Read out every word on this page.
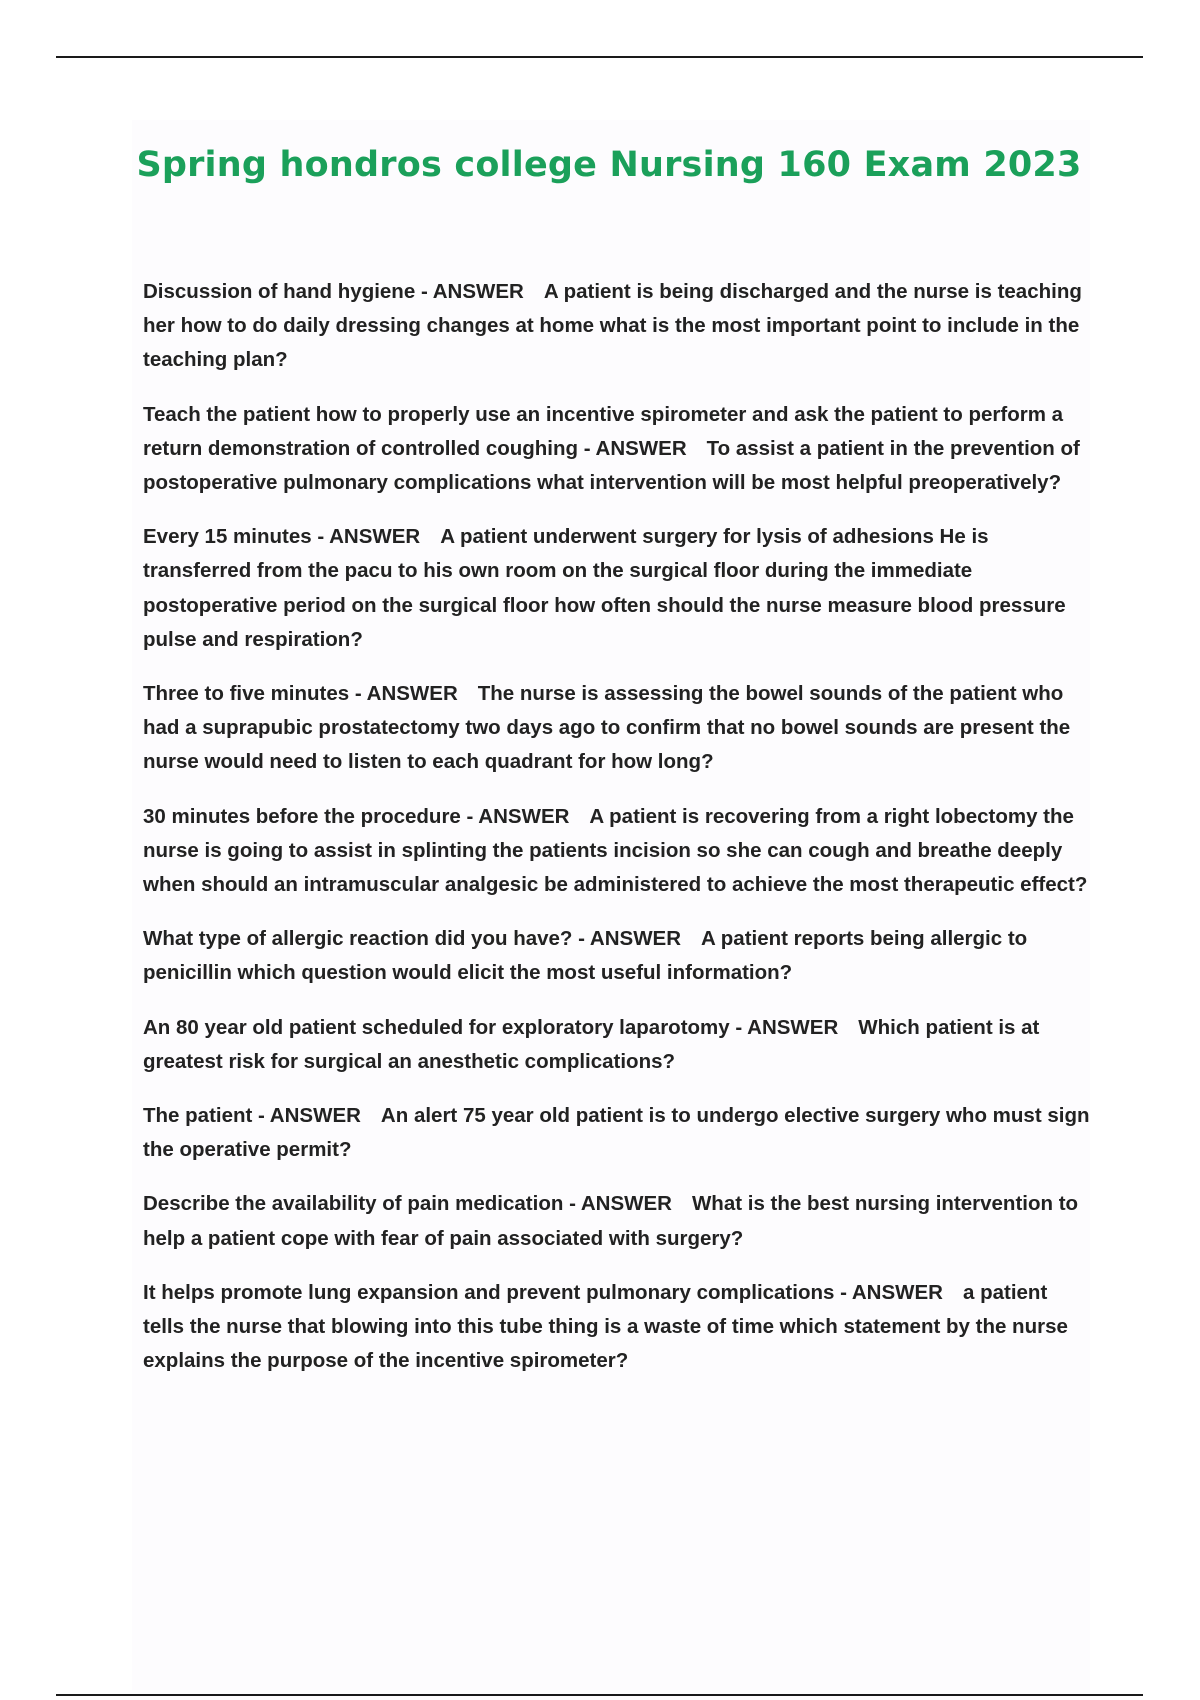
Spring hondros college Nursing 160 Exam 2023
Discussion of hand hygiene - ANSWER A patient is being discharged and the nurse is teaching her how to do daily dressing changes at home what is the most important point to include in the teaching plan?
Teach the patient how to properly use an incentive spirometer and ask the patient to perform a return demonstration of controlled coughing - ANSWER To assist a patient in the prevention of postoperative pulmonary complications what intervention will be most helpful preoperatively?
Every 15 minutes - ANSWER A patient underwent surgery for lysis of adhesions He is transferred from the pacu to his own room on the surgical floor during the immediate postoperative period on the surgical floor how often should the nurse measure blood pressure pulse and respiration?
Three to five minutes - ANSWER The nurse is assessing the bowel sounds of the patient who had a suprapubic prostatectomy two days ago to confirm that no bowel sounds are present the nurse would need to listen to each quadrant for how long?
30 minutes before the procedure - ANSWER A patient is recovering from a right lobectomy the nurse is going to assist in splinting the patients incision so she can cough and breathe deeply when should an intramuscular analgesic be administered to achieve the most therapeutic effect?
What type of allergic reaction did you have? - ANSWER A patient reports being allergic to penicillin which question would elicit the most useful information?
An 80 year old patient scheduled for exploratory laparotomy - ANSWER Which patient is at greatest risk for surgical an anesthetic complications?
The patient - ANSWER An alert 75 year old patient is to undergo elective surgery who must sign the operative permit?
Describe the availability of pain medication - ANSWER What is the best nursing intervention to help a patient cope with fear of pain associated with surgery?
It helps promote lung expansion and prevent pulmonary complications - ANSWER a patient tells the nurse that blowing into this tube thing is a waste of time which statement by the nurse explains the purpose of the incentive spirometer?
